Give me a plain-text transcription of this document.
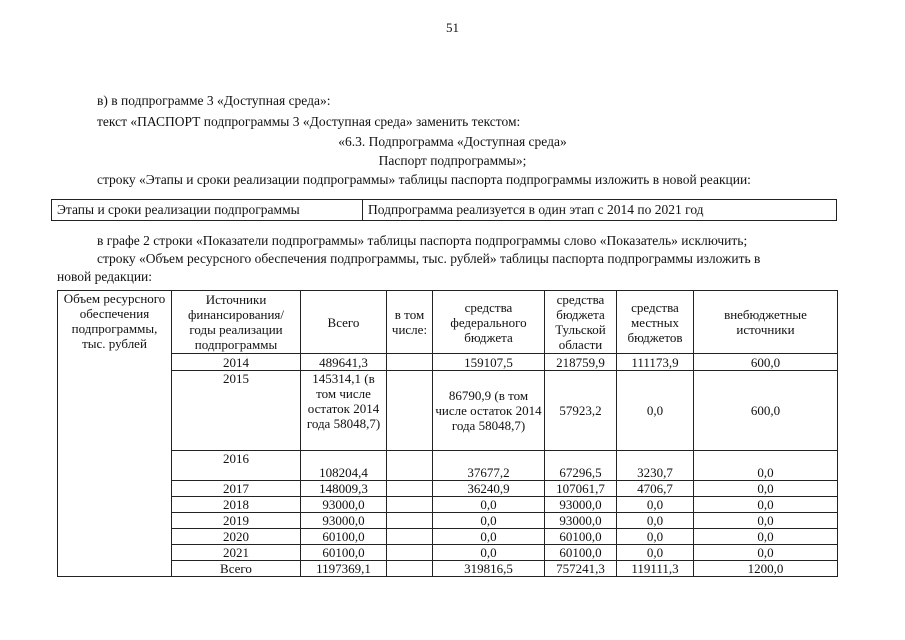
51
в) в подпрограмме 3 «Доступная среда»:
текст «ПАСПОРТ подпрограммы 3 «Доступная среда» заменить текстом:
«6.3. Подпрограмма «Доступная среда»
Паспорт подпрограммы»;
строку «Этапы и сроки реализации подпрограммы» таблицы паспорта подпрограммы изложить в новой реакции:
Этапы и сроки реализации подпрограммы	Подпрограмма реализуется в один этап с 2014 по 2021 год
в графе 2 строки «Показатели подпрограммы» таблицы паспорта подпрограммы слово «Показатель» исключить;
строку «Объем ресурсного обеспечения подпрограммы, тыс. рублей» таблицы паспорта подпрограммы изложить в
новой редакции:
Объем ресурсного обеспечения подпрограммы, тыс. рублей	Источники финансирования/ годы реализации подпрограммы	Всего	в том числе:	средства федерального бюджета	средства бюджета Тульской области	средства местных бюджетов	внебюджетные источники
	2014	489641,3		159107,5	218759,9	111173,9	600,0
	2015	145314,1 (в том числе остаток 2014 года 58048,7)		86790,9 (в том числе остаток 2014 года 58048,7)	57923,2	0,0	600,0
	2016	108204,4		37677,2	67296,5	3230,7	0,0
	2017	148009,3		36240,9	107061,7	4706,7	0,0
	2018	93000,0		0,0	93000,0	0,0	0,0
	2019	93000,0		0,0	93000,0	0,0	0,0
	2020	60100,0		0,0	60100,0	0,0	0,0
	2021	60100,0		0,0	60100,0	0,0	0,0
	Всего	1197369,1		319816,5	757241,3	119111,3	1200,0
